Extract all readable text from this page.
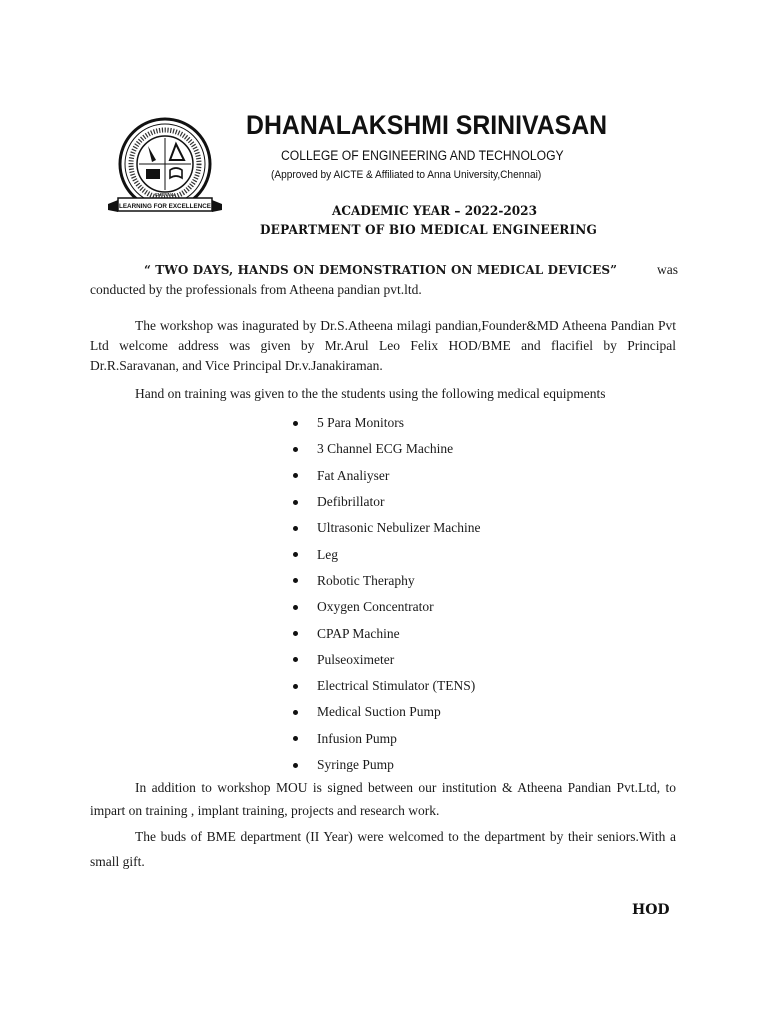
LEARNING FOR EXCELLENCE
CHENNAI
DHANALAKSHMI SRINIVASAN
COLLEGE OF ENGINEERING AND TECHNOLOGY
(Approved by AICTE & Affiliated to Anna University,Chennai)
ACADEMIC YEAR – 2022-2023
DEPARTMENT OF BIO MEDICAL ENGINEERING
“ TWO DAYS, HANDS ON DEMONSTRATION ON MEDICAL DEVICES”	was
conducted by the professionals from Atheena pandian pvt.ltd.
The workshop was inagurated by Dr.S.Atheena milagi pandian,Founder&MD Atheena Pandian Pvt Ltd welcome address was given by Mr.Arul Leo Felix HOD/BME and flacifiel by Principal Dr.R.Saravanan, and Vice Principal Dr.v.Janakiraman.
Hand on training was given to the the students using the following medical equipments
5 Para Monitors
3 Channel ECG Machine
Fat Analiyser
Defibrillator
Ultrasonic Nebulizer Machine
Leg
Robotic Theraphy
Oxygen Concentrator
CPAP Machine
Pulseoximeter
Electrical Stimulator (TENS)
Medical Suction Pump
Infusion Pump
Syringe Pump
In addition to workshop MOU is signed between our institution & Atheena Pandian Pvt.Ltd, to impart on training , implant training, projects and research work.
The buds of BME department (II Year) were welcomed to the department by their seniors.With a small gift.
HOD
